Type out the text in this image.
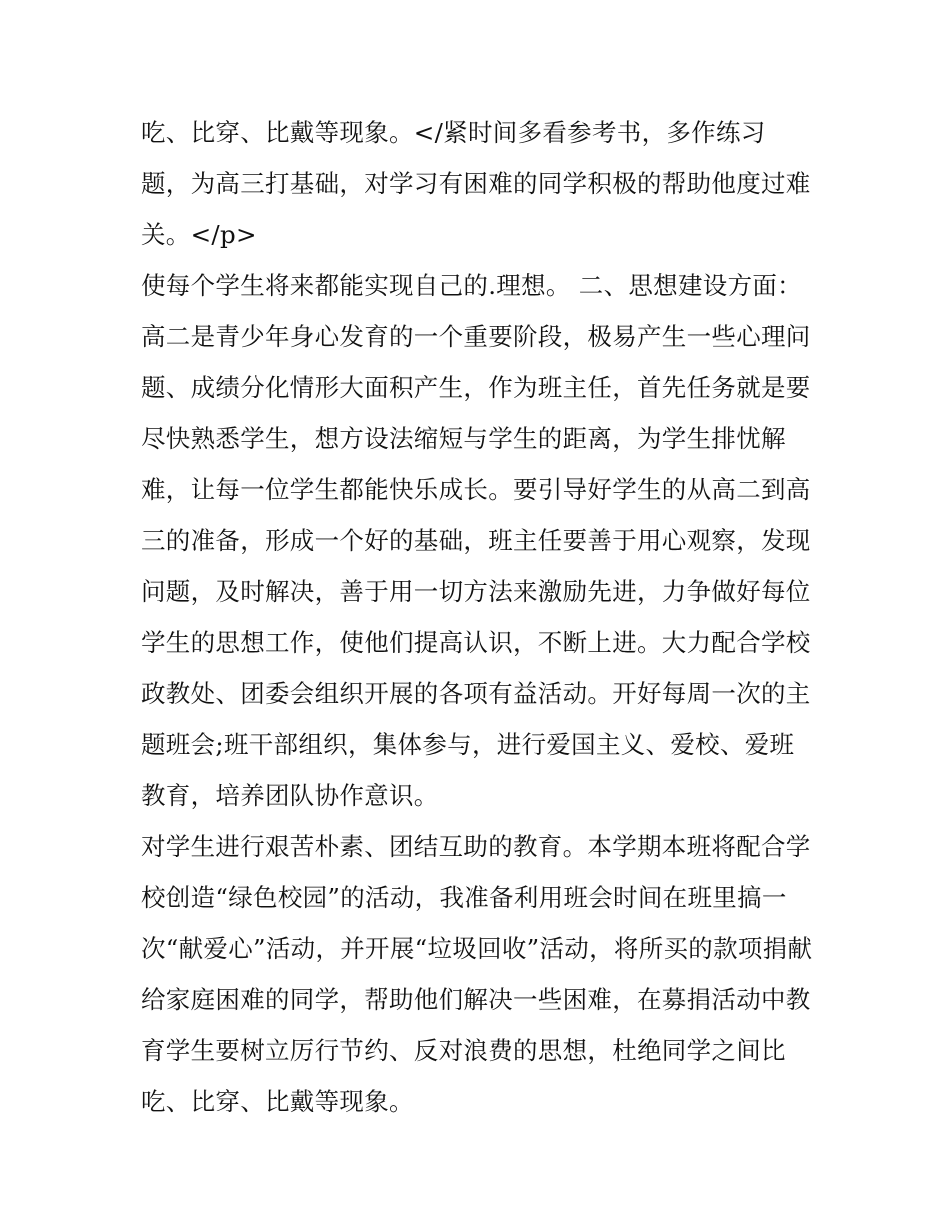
吃、比穿、比戴等现象。</紧时间多看参考书，多作练习
题，为高三打基础，对学习有困难的同学积极的帮助他度过难
关。</p>
使每个学生将来都能实现自己的.理想。 二、思想建设方面：
高二是青少年身心发育的一个重要阶段，极易产生一些心理问
题、成绩分化情形大面积产生，作为班主任，首先任务就是要
尽快熟悉学生，想方设法缩短与学生的距离，为学生排忧解
难，让每一位学生都能快乐成长。要引导好学生的从高二到高
三的准备，形成一个好的基础，班主任要善于用心观察，发现
问题，及时解决，善于用一切方法来激励先进，力争做好每位
学生的思想工作，使他们提高认识，不断上进。大力配合学校
政教处、团委会组织开展的各项有益活动。开好每周一次的主
题班会;班干部组织，集体参与，进行爱国主义、爱校、爱班
教育，培养团队协作意识。
对学生进行艰苦朴素、团结互助的教育。本学期本班将配合学
校创造“绿色校园”的活动，我准备利用班会时间在班里搞一
次“献爱心”活动，并开展“垃圾回收”活动，将所买的款项捐献
给家庭困难的同学，帮助他们解决一些困难，在募捐活动中教
育学生要树立厉行节约、反对浪费的思想，杜绝同学之间比
吃、比穿、比戴等现象。
